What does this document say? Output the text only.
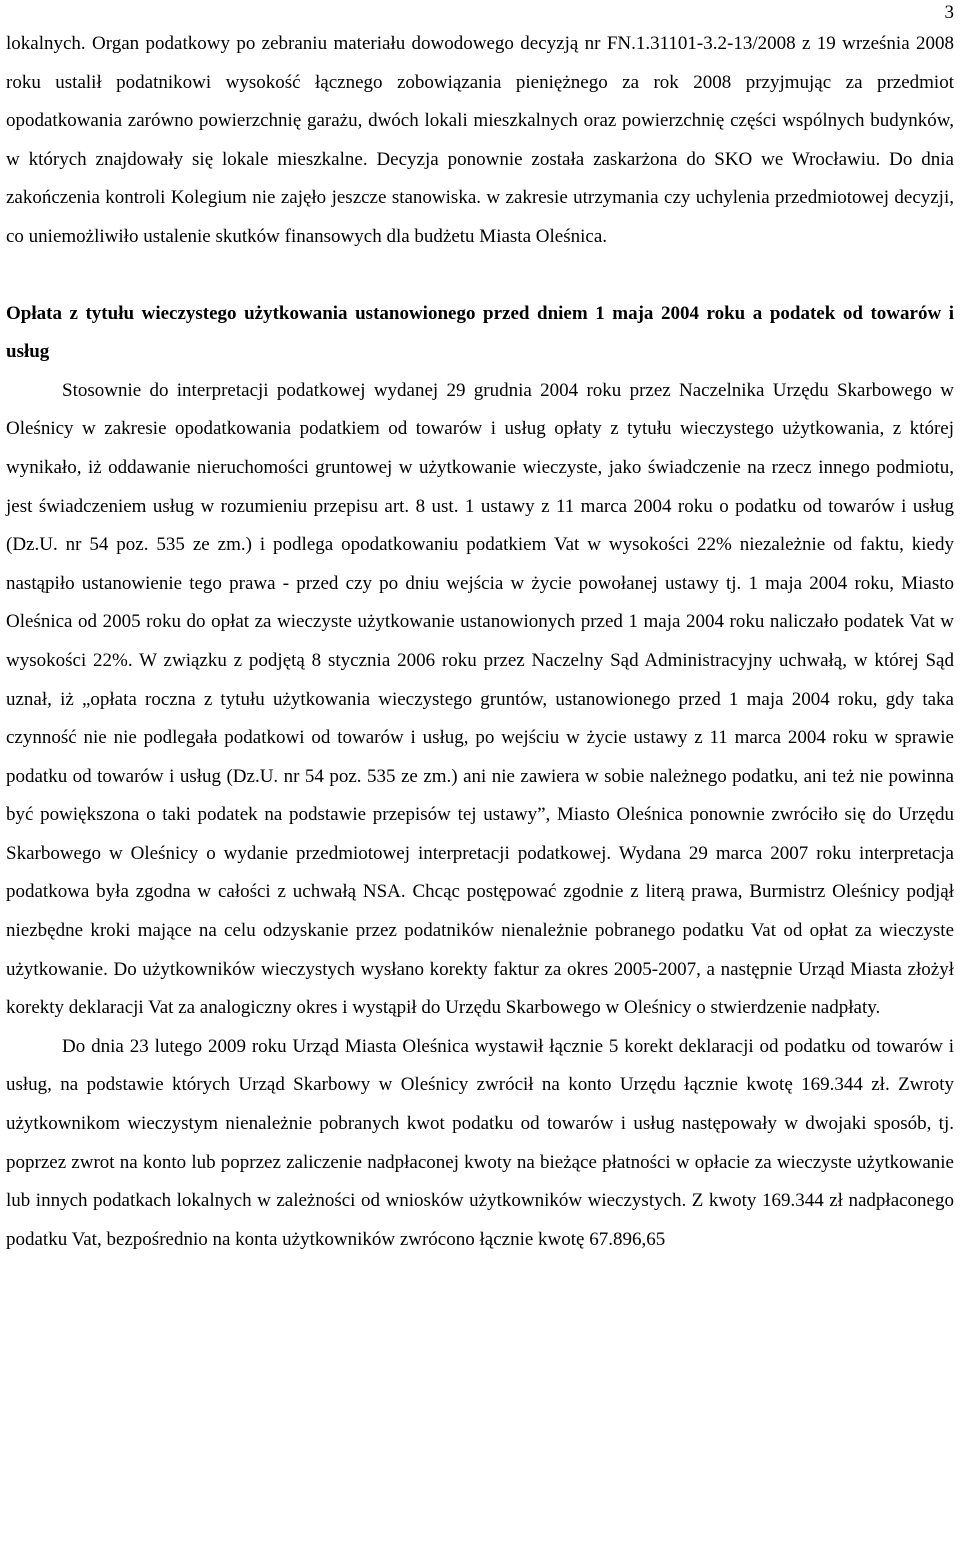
3

lokalnych. Organ podatkowy po zebraniu materiału dowodowego decyzją nr FN.1.31101-3.2-13/2008 z 19 września 2008 roku ustalił podatnikowi wysokość łącznego zobowiązania pieniężnego za rok 2008 przyjmując za przedmiot opodatkowania zarówno powierzchnię garażu, dwóch lokali mieszkalnych oraz powierzchnię części wspólnych budynków, w których znajdowały się lokale mieszkalne. Decyzja ponownie została zaskarżona do SKO we Wrocławiu. Do dnia zakończenia kontroli Kolegium nie zajęło jeszcze stanowiska. w zakresie utrzymania czy uchylenia przedmiotowej decyzji, co uniemożliwiło ustalenie skutków finansowych dla budżetu Miasta Oleśnica.

Opłata z tytułu wieczystego użytkowania ustanowionego przed dniem 1 maja 2004 roku a podatek od towarów i usług

Stosownie do interpretacji podatkowej wydanej 29 grudnia 2004 roku przez Naczelnika Urzędu Skarbowego w Oleśnicy w zakresie opodatkowania podatkiem od towarów i usług opłaty z tytułu wieczystego użytkowania, z której wynikało, iż oddawanie nieruchomości gruntowej w użytkowanie wieczyste, jako świadczenie na rzecz innego podmiotu, jest świadczeniem usług w rozumieniu przepisu art. 8 ust. 1 ustawy z 11 marca 2004 roku o podatku od towarów i usług (Dz.U. nr 54 poz. 535 ze zm.) i podlega opodatkowaniu podatkiem Vat w wysokości 22% niezależnie od faktu, kiedy nastąpiło ustanowienie tego prawa - przed czy po dniu wejścia w życie powołanej ustawy tj. 1 maja 2004 roku, Miasto Oleśnica od 2005 roku do opłat za wieczyste użytkowanie ustanowionych przed 1 maja 2004 roku naliczało podatek Vat w wysokości 22%. W związku z podjętą 8 stycznia 2006 roku przez Naczelny Sąd Administracyjny uchwałą, w której Sąd uznał, iż „opłata roczna z tytułu użytkowania wieczystego gruntów, ustanowionego przed 1 maja 2004 roku, gdy taka czynność nie nie podlegała podatkowi od towarów i usług, po wejściu w życie ustawy z 11 marca 2004 roku w sprawie podatku od towarów i usług (Dz.U. nr 54 poz. 535 ze zm.) ani nie zawiera w sobie należnego podatku, ani też nie powinna być powiększona o taki podatek na podstawie przepisów tej ustawy”, Miasto Oleśnica ponownie zwróciło się do Urzędu Skarbowego w Oleśnicy o wydanie przedmiotowej interpretacji podatkowej. Wydana 29 marca 2007 roku interpretacja podatkowa była zgodna w całości z uchwałą NSA. Chcąc postępować zgodnie z literą prawa, Burmistrz Oleśnicy podjął niezbędne kroki mające na celu odzyskanie przez podatników nienależnie pobranego podatku Vat od opłat za wieczyste użytkowanie. Do użytkowników wieczystych wysłano korekty faktur za okres 2005-2007, a następnie Urząd Miasta złożył korekty deklaracji Vat za analogiczny okres i wystąpił do Urzędu Skarbowego w Oleśnicy o stwierdzenie nadpłaty.

Do dnia 23 lutego 2009 roku Urząd Miasta Oleśnica wystawił łącznie 5 korekt deklaracji od podatku od towarów i usług, na podstawie których Urząd Skarbowy w Oleśnicy zwrócił na konto Urzędu łącznie kwotę 169.344 zł. Zwroty użytkownikom wieczystym nienależnie pobranych kwot podatku od towarów i usług następowały w dwojaki sposób, tj. poprzez zwrot na konto lub poprzez zaliczenie nadpłaconej kwoty na bieżące płatności w opłacie za wieczyste użytkowanie lub innych podatkach lokalnych w zależności od wniosków użytkowników wieczystych. Z kwoty 169.344 zł nadpłaconego podatku Vat, bezpośrednio na konta użytkowników zwrócono łącznie kwotę 67.896,65
